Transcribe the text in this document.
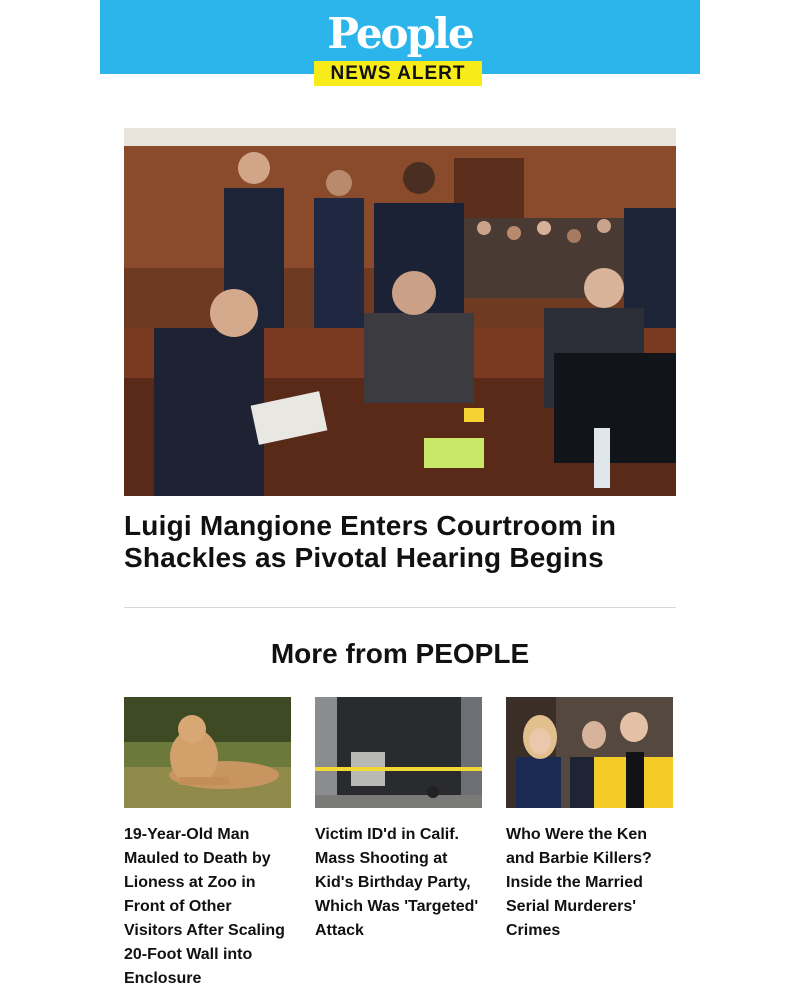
People
NEWS ALERT
Luigi Mangione Enters Courtroom in Shackles as Pivotal Hearing Begins
More from PEOPLE
19-Year-Old Man Mauled to Death by Lioness at Zoo in Front of Other Visitors After Scaling 20-Foot Wall into Enclosure
Victim ID'd in Calif. Mass Shooting at Kid's Birthday Party, Which Was 'Targeted' Attack
Who Were the Ken and Barbie Killers? Inside the Married Serial Murderers' Crimes
